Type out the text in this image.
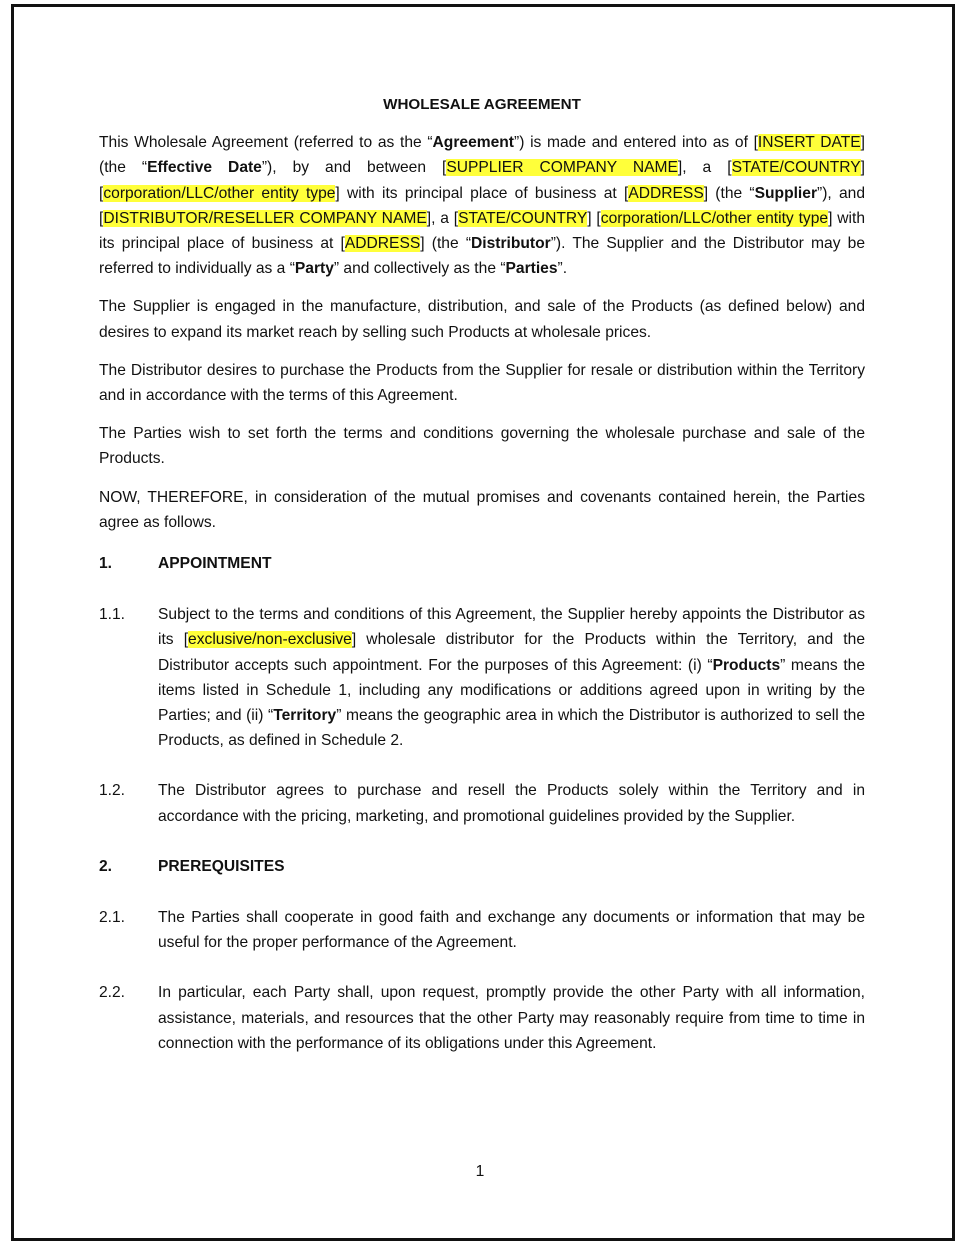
WHOLESALE AGREEMENT

This Wholesale Agreement (referred to as the “Agreement”) is made and entered into as of [INSERT DATE] (the “Effective Date”), by and between [SUPPLIER COMPANY NAME], a [STATE/COUNTRY] [corporation/LLC/other entity type] with its principal place of business at [ADDRESS] (the “Supplier”), and [DISTRIBUTOR/RESELLER COMPANY NAME], a [STATE/COUNTRY] [corporation/LLC/other entity type] with its principal place of business at [ADDRESS] (the “Distributor”). The Supplier and the Distributor may be referred to individually as a “Party” and collectively as the “Parties”.

The Supplier is engaged in the manufacture, distribution, and sale of the Products (as defined below) and desires to expand its market reach by selling such Products at wholesale prices.

The Distributor desires to purchase the Products from the Supplier for resale or distribution within the Territory and in accordance with the terms of this Agreement.

The Parties wish to set forth the terms and conditions governing the wholesale purchase and sale of the Products.

NOW, THEREFORE, in consideration of the mutual promises and covenants contained herein, the Parties agree as follows.

1.	APPOINTMENT
1.1.	Subject to the terms and conditions of this Agreement, the Supplier hereby appoints the Distributor as its [exclusive/non-exclusive] wholesale distributor for the Products within the Territory, and the Distributor accepts such appointment. For the purposes of this Agreement: (i) “Products” means the items listed in Schedule 1, including any modifications or additions agreed upon in writing by the Parties; and (ii) “Territory” means the geographic area in which the Distributor is authorized to sell the Products, as defined in Schedule 2.
1.2.	The Distributor agrees to purchase and resell the Products solely within the Territory and in accordance with the pricing, marketing, and promotional guidelines provided by the Supplier.
2.	PREREQUISITES
2.1.	The Parties shall cooperate in good faith and exchange any documents or information that may be useful for the proper performance of the Agreement.
2.2.	In particular, each Party shall, upon request, promptly provide the other Party with all information, assistance, materials, and resources that the other Party may reasonably require from time to time in connection with the performance of its obligations under this Agreement.
1
